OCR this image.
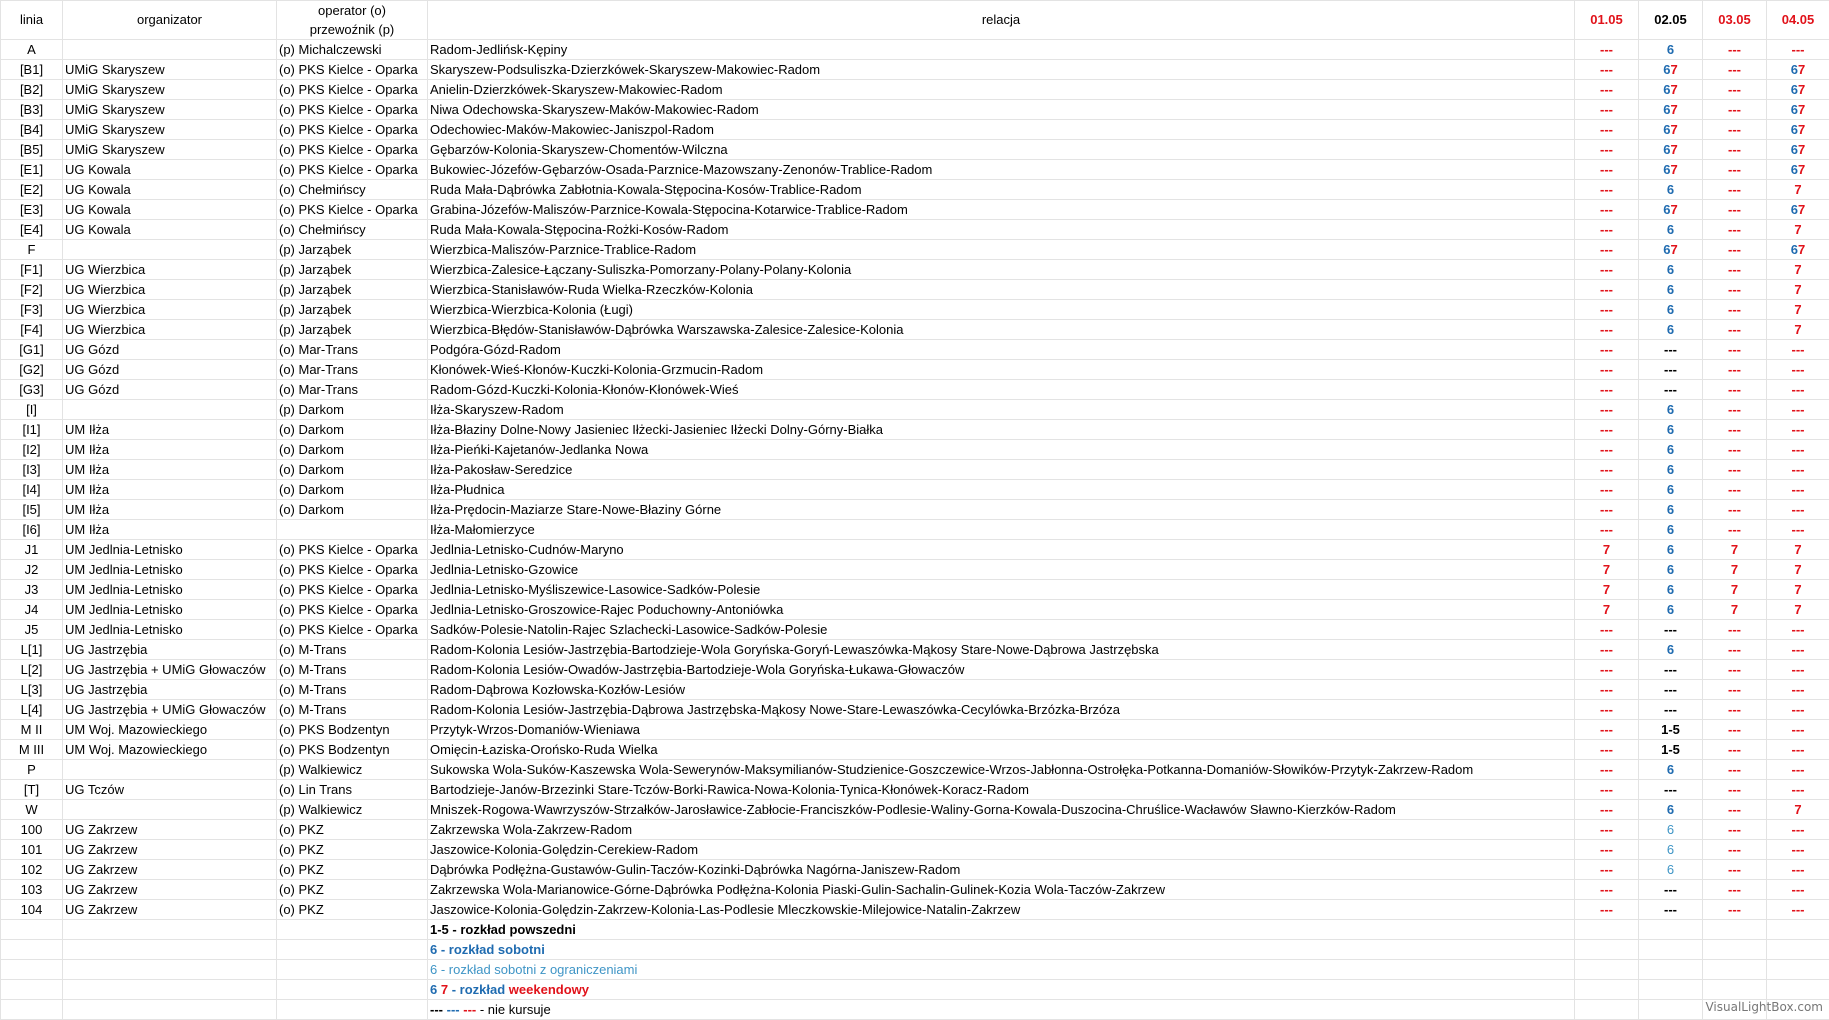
linia	organizator	operator (o)	relacja	01.05	02.05	03.05	04.05
		przewoźnik (p)					
A		(p) Michalczewski	Radom-Jedlińsk-Kępiny	---	6	---	---
[B1]	UMiG Skaryszew	(o) PKS Kielce - Oparka	Skaryszew-Podsuliszka-Dzierzkówek-Skaryszew-Makowiec-Radom	---	67	---	67
[B2]	UMiG Skaryszew	(o) PKS Kielce - Oparka	Anielin-Dzierzkówek-Skaryszew-Makowiec-Radom	---	67	---	67
[B3]	UMiG Skaryszew	(o) PKS Kielce - Oparka	Niwa Odechowska-Skaryszew-Maków-Makowiec-Radom	---	67	---	67
[B4]	UMiG Skaryszew	(o) PKS Kielce - Oparka	Odechowiec-Maków-Makowiec-Janiszpol-Radom	---	67	---	67
[B5]	UMiG Skaryszew	(o) PKS Kielce - Oparka	Gębarzów-Kolonia-Skaryszew-Chomentów-Wilczna	---	67	---	67
[E1]	UG Kowala	(o) PKS Kielce - Oparka	Bukowiec-Józefów-Gębarzów-Osada-Parznice-Mazowszany-Zenonów-Trablice-Radom	---	67	---	67
[E2]	UG Kowala	(o) Chełmińscy	Ruda Mała-Dąbrówka Zabłotnia-Kowala-Stępocina-Kosów-Trablice-Radom	---	6	---	7
[E3]	UG Kowala	(o) PKS Kielce - Oparka	Grabina-Józefów-Maliszów-Parznice-Kowala-Stępocina-Kotarwice-Trablice-Radom	---	67	---	67
[E4]	UG Kowala	(o) Chełmińscy	Ruda Mała-Kowala-Stępocina-Rożki-Kosów-Radom	---	6	---	7
F		(p) Jarząbek	Wierzbica-Maliszów-Parznice-Trablice-Radom	---	67	---	67
[F1]	UG Wierzbica	(p) Jarząbek	Wierzbica-Zalesice-Łączany-Suliszka-Pomorzany-Polany-Polany-Kolonia	---	6	---	7
[F2]	UG Wierzbica	(p) Jarząbek	Wierzbica-Stanisławów-Ruda Wielka-Rzeczków-Kolonia	---	6	---	7
[F3]	UG Wierzbica	(p) Jarząbek	Wierzbica-Wierzbica-Kolonia (Ługi)	---	6	---	7
[F4]	UG Wierzbica	(p) Jarząbek	Wierzbica-Błędów-Stanisławów-Dąbrówka Warszawska-Zalesice-Zalesice-Kolonia	---	6	---	7
[G1]	UG Gózd	(o) Mar-Trans	Podgóra-Gózd-Radom	---	---	---	---
[G2]	UG Gózd	(o) Mar-Trans	Kłonówek-Wieś-Kłonów-Kuczki-Kolonia-Grzmucin-Radom	---	---	---	---
[G3]	UG Gózd	(o) Mar-Trans	Radom-Gózd-Kuczki-Kolonia-Kłonów-Kłonówek-Wieś	---	---	---	---
[I]		(p) Darkom	Iłża-Skaryszew-Radom	---	6	---	---
[I1]	UM Iłża	(o) Darkom	Iłża-Błaziny Dolne-Nowy Jasieniec Iłżecki-Jasieniec Iłżecki Dolny-Górny-Białka	---	6	---	---
[I2]	UM Iłża	(o) Darkom	Iłża-Pieńki-Kajetanów-Jedlanka Nowa	---	6	---	---
[I3]	UM Iłża	(o) Darkom	Iłża-Pakosław-Seredzice	---	6	---	---
[I4]	UM Iłża	(o) Darkom	Iłża-Płudnica	---	6	---	---
[I5]	UM Iłża	(o) Darkom	Iłża-Prędocin-Maziarze Stare-Nowe-Błaziny Górne	---	6	---	---
[I6]	UM Iłża		Iłża-Małomierzyce	---	6	---	---
J1	UM Jedlnia-Letnisko	(o) PKS Kielce - Oparka	Jedlnia-Letnisko-Cudnów-Maryno	7	6	7	7
J2	UM Jedlnia-Letnisko	(o) PKS Kielce - Oparka	Jedlnia-Letnisko-Gzowice	7	6	7	7
J3	UM Jedlnia-Letnisko	(o) PKS Kielce - Oparka	Jedlnia-Letnisko-Myśliszewice-Lasowice-Sadków-Polesie	7	6	7	7
J4	UM Jedlnia-Letnisko	(o) PKS Kielce - Oparka	Jedlnia-Letnisko-Groszowice-Rajec Poduchowny-Antoniówka	7	6	7	7
J5	UM Jedlnia-Letnisko	(o) PKS Kielce - Oparka	Sadków-Polesie-Natolin-Rajec Szlachecki-Lasowice-Sadków-Polesie	---	---	---	---
L[1]	UG Jastrzębia	(o) M-Trans	Radom-Kolonia Lesiów-Jastrzębia-Bartodzieje-Wola Goryńska-Goryń-Lewaszówka-Mąkosy Stare-Nowe-Dąbrowa Jastrzębska	---	6	---	---
L[2]	UG Jastrzębia + UMiG Głowaczów	(o) M-Trans	Radom-Kolonia Lesiów-Owadów-Jastrzębia-Bartodzieje-Wola Goryńska-Łukawa-Głowaczów	---	---	---	---
L[3]	UG Jastrzębia	(o) M-Trans	Radom-Dąbrowa Kozłowska-Kozłów-Lesiów	---	---	---	---
L[4]	UG Jastrzębia + UMiG Głowaczów	(o) M-Trans	Radom-Kolonia Lesiów-Jastrzębia-Dąbrowa Jastrzębska-Mąkosy Nowe-Stare-Lewaszówka-Cecylówka-Brzózka-Brzóza	---	---	---	---
M II	UM Woj. Mazowieckiego	(o) PKS Bodzentyn	Przytyk-Wrzos-Domaniów-Wieniawa	---	1-5	---	---
M III	UM Woj. Mazowieckiego	(o) PKS Bodzentyn	Omięcin-Łaziska-Orońsko-Ruda Wielka	---	1-5	---	---
P		(p) Walkiewicz	Sukowska Wola-Suków-Kaszewska Wola-Sewerynów-Maksymilianów-Studzienice-Goszczewice-Wrzos-Jabłonna-Ostrołęka-Potkanna-Domaniów-Słowików-Przytyk-Zakrzew-Radom	---	6	---	---
[T]	UG Tczów	(o) Lin Trans	Bartodzieje-Janów-Brzezinki Stare-Tczów-Borki-Rawica-Nowa-Kolonia-Tynica-Kłonówek-Koracz-Radom	---	---	---	---
W		(p) Walkiewicz	Mniszek-Rogowa-Wawrzyszów-Strzałków-Jarosławice-Zabłocie-Franciszków-Podlesie-Waliny-Gorna-Kowala-Duszocina-Chruślice-Wacławów Sławno-Kierzków-Radom	---	6	---	7
100	UG Zakrzew	(o) PKZ	Zakrzewska Wola-Zakrzew-Radom	---	6	---	---
101	UG Zakrzew	(o) PKZ	Jaszowice-Kolonia-Golędzin-Cerekiew-Radom	---	6	---	---
102	UG Zakrzew	(o) PKZ	Dąbrówka Podłężna-Gustawów-Gulin-Taczów-Kozinki-Dąbrówka Nagórna-Janiszew-Radom	---	6	---	---
103	UG Zakrzew	(o) PKZ	Zakrzewska Wola-Marianowice-Górne-Dąbrówka Podłężna-Kolonia Piaski-Gulin-Sachalin-Gulinek-Kozia Wola-Taczów-Zakrzew	---	---	---	---
104	UG Zakrzew	(o) PKZ	Jaszowice-Kolonia-Golędzin-Zakrzew-Kolonia-Las-Podlesie Mleczkowskie-Milejowice-Natalin-Zakrzew	---	---	---	---
			1-5 - rozkład powszedni				
			6 - rozkład sobotni				
			6 - rozkład sobotni z ograniczeniami				
			6 7 - rozkład weekendowy				
			--- --- --- - nie kursuje					VisualLightBox.com
